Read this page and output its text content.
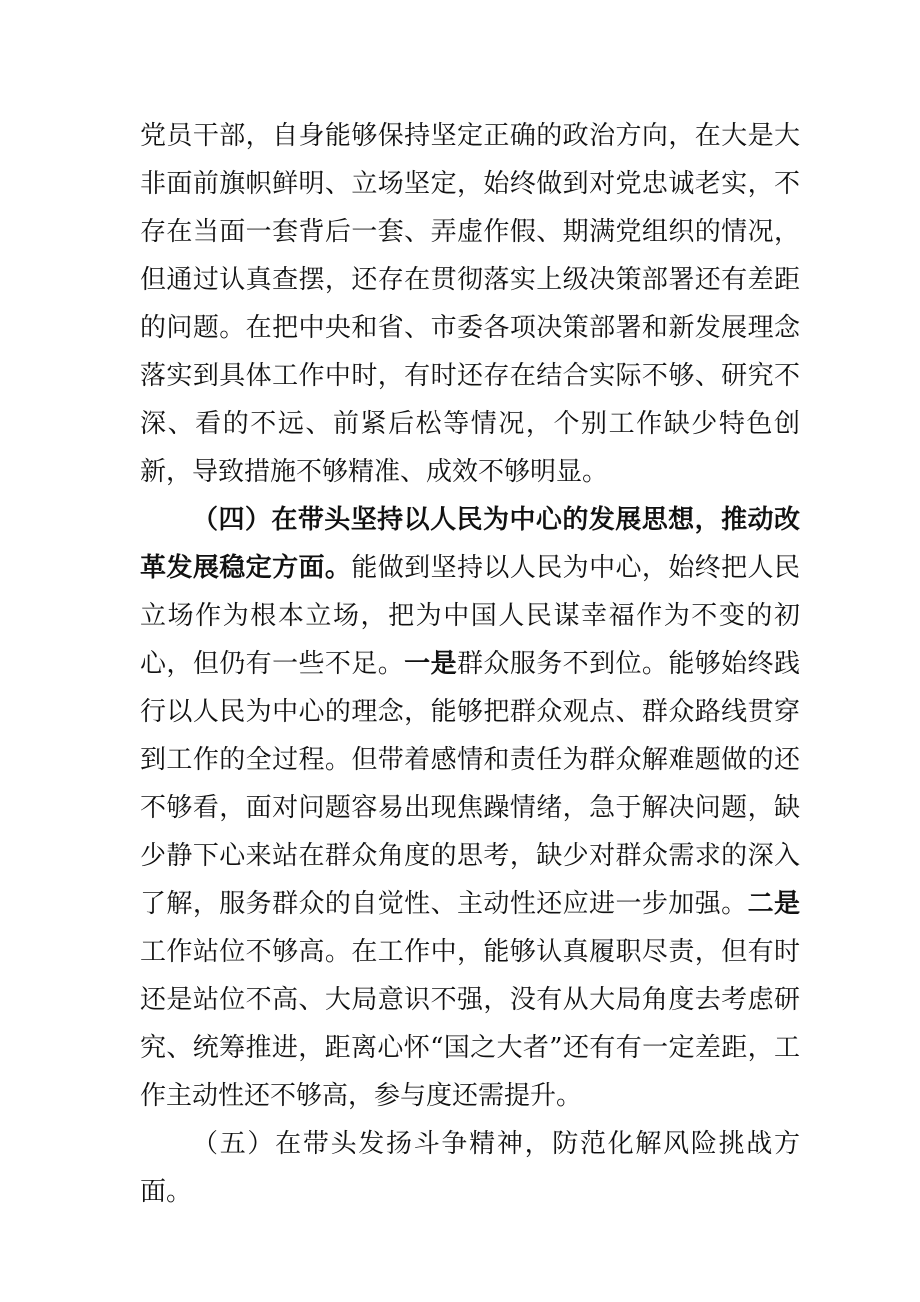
党员干部，自身能够保持坚定正确的政治方向，在大是大非面前旗帜鲜明、立场坚定，始终做到对党忠诚老实，不存在当面一套背后一套、弄虚作假、期满党组织的情况，但通过认真查摆，还存在贯彻落实上级决策部署还有差距的问题。在把中央和省、市委各项决策部署和新发展理念落实到具体工作中时，有时还存在结合实际不够、研究不深、看的不远、前紧后松等情况，个别工作缺少特色创新，导致措施不够精准、成效不够明显。

（四）在带头坚持以人民为中心的发展思想，推动改革发展稳定方面。能做到坚持以人民为中心，始终把人民立场作为根本立场，把为中国人民谋幸福作为不变的初心，但仍有一些不足。一是群众服务不到位。能够始终践行以人民为中心的理念，能够把群众观点、群众路线贯穿到工作的全过程。但带着感情和责任为群众解难题做的还不够看，面对问题容易出现焦躁情绪，急于解决问题，缺少静下心来站在群众角度的思考，缺少对群众需求的深入了解，服务群众的自觉性、主动性还应进一步加强。二是工作站位不够高。在工作中，能够认真履职尽责，但有时还是站位不高、大局意识不强，没有从大局角度去考虑研究、统筹推进，距离心怀“国之大者”还有有一定差距，工作主动性还不够高，参与度还需提升。

（五）在带头发扬斗争精神，防范化解风险挑战方面。
